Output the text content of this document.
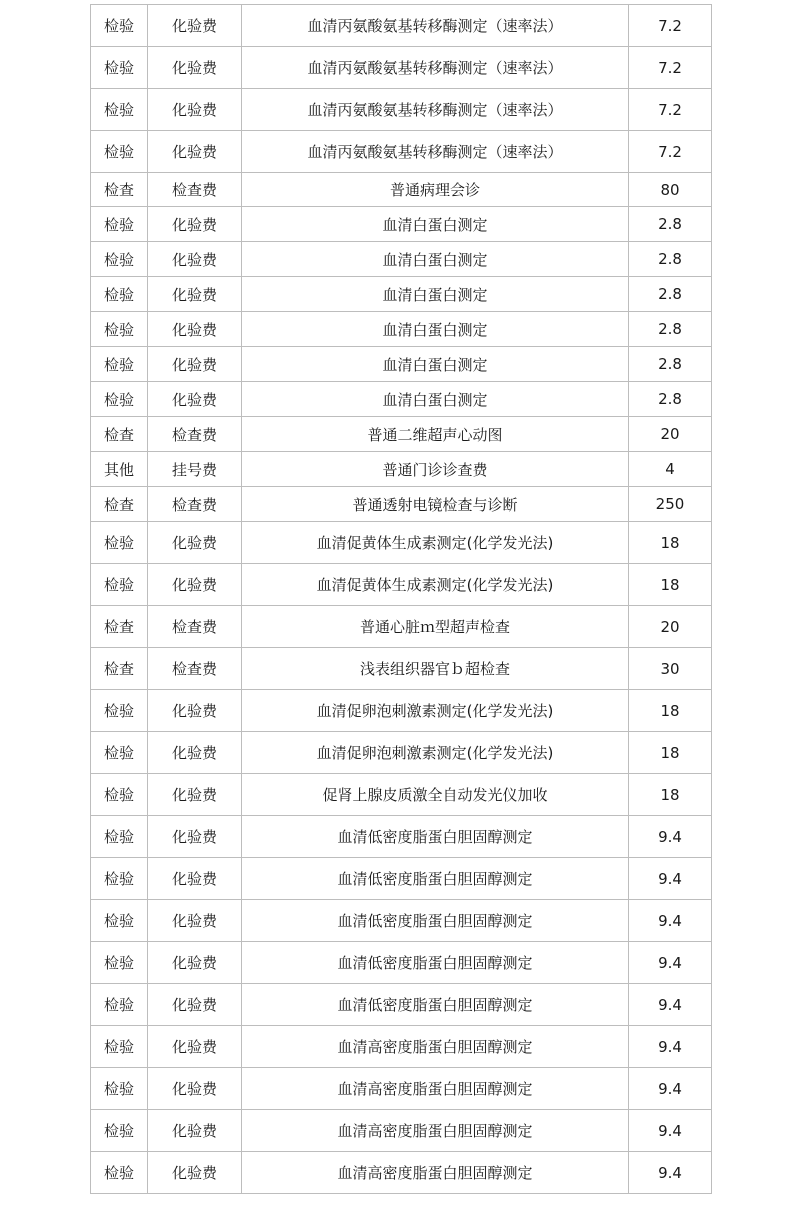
检验	化验费	血清丙氨酸氨基转移酶测定（速率法）	7.2
检验	化验费	血清丙氨酸氨基转移酶测定（速率法）	7.2
检验	化验费	血清丙氨酸氨基转移酶测定（速率法）	7.2
检验	化验费	血清丙氨酸氨基转移酶测定（速率法）	7.2
检查	检查费	普通病理会诊	80
检验	化验费	血清白蛋白测定	2.8
检验	化验费	血清白蛋白测定	2.8
检验	化验费	血清白蛋白测定	2.8
检验	化验费	血清白蛋白测定	2.8
检验	化验费	血清白蛋白测定	2.8
检验	化验费	血清白蛋白测定	2.8
检查	检查费	普通二维超声心动图	20
其他	挂号费	普通门诊诊查费	4
检查	检查费	普通透射电镜检查与诊断	250
检验	化验费	血清促黄体生成素测定(化学发光法)	18
检验	化验费	血清促黄体生成素测定(化学发光法)	18
检查	检查费	普通心脏ｍ型超声检查	20
检查	检查费	浅表组织器官ｂ超检查	30
检验	化验费	血清促卵泡刺激素测定(化学发光法)	18
检验	化验费	血清促卵泡刺激素测定(化学发光法)	18
检验	化验费	促肾上腺皮质激全自动发光仪加收	18
检验	化验费	血清低密度脂蛋白胆固醇测定	9.4
检验	化验费	血清低密度脂蛋白胆固醇测定	9.4
检验	化验费	血清低密度脂蛋白胆固醇测定	9.4
检验	化验费	血清低密度脂蛋白胆固醇测定	9.4
检验	化验费	血清低密度脂蛋白胆固醇测定	9.4
检验	化验费	血清高密度脂蛋白胆固醇测定	9.4
检验	化验费	血清高密度脂蛋白胆固醇测定	9.4
检验	化验费	血清高密度脂蛋白胆固醇测定	9.4
检验	化验费	血清高密度脂蛋白胆固醇测定	9.4
